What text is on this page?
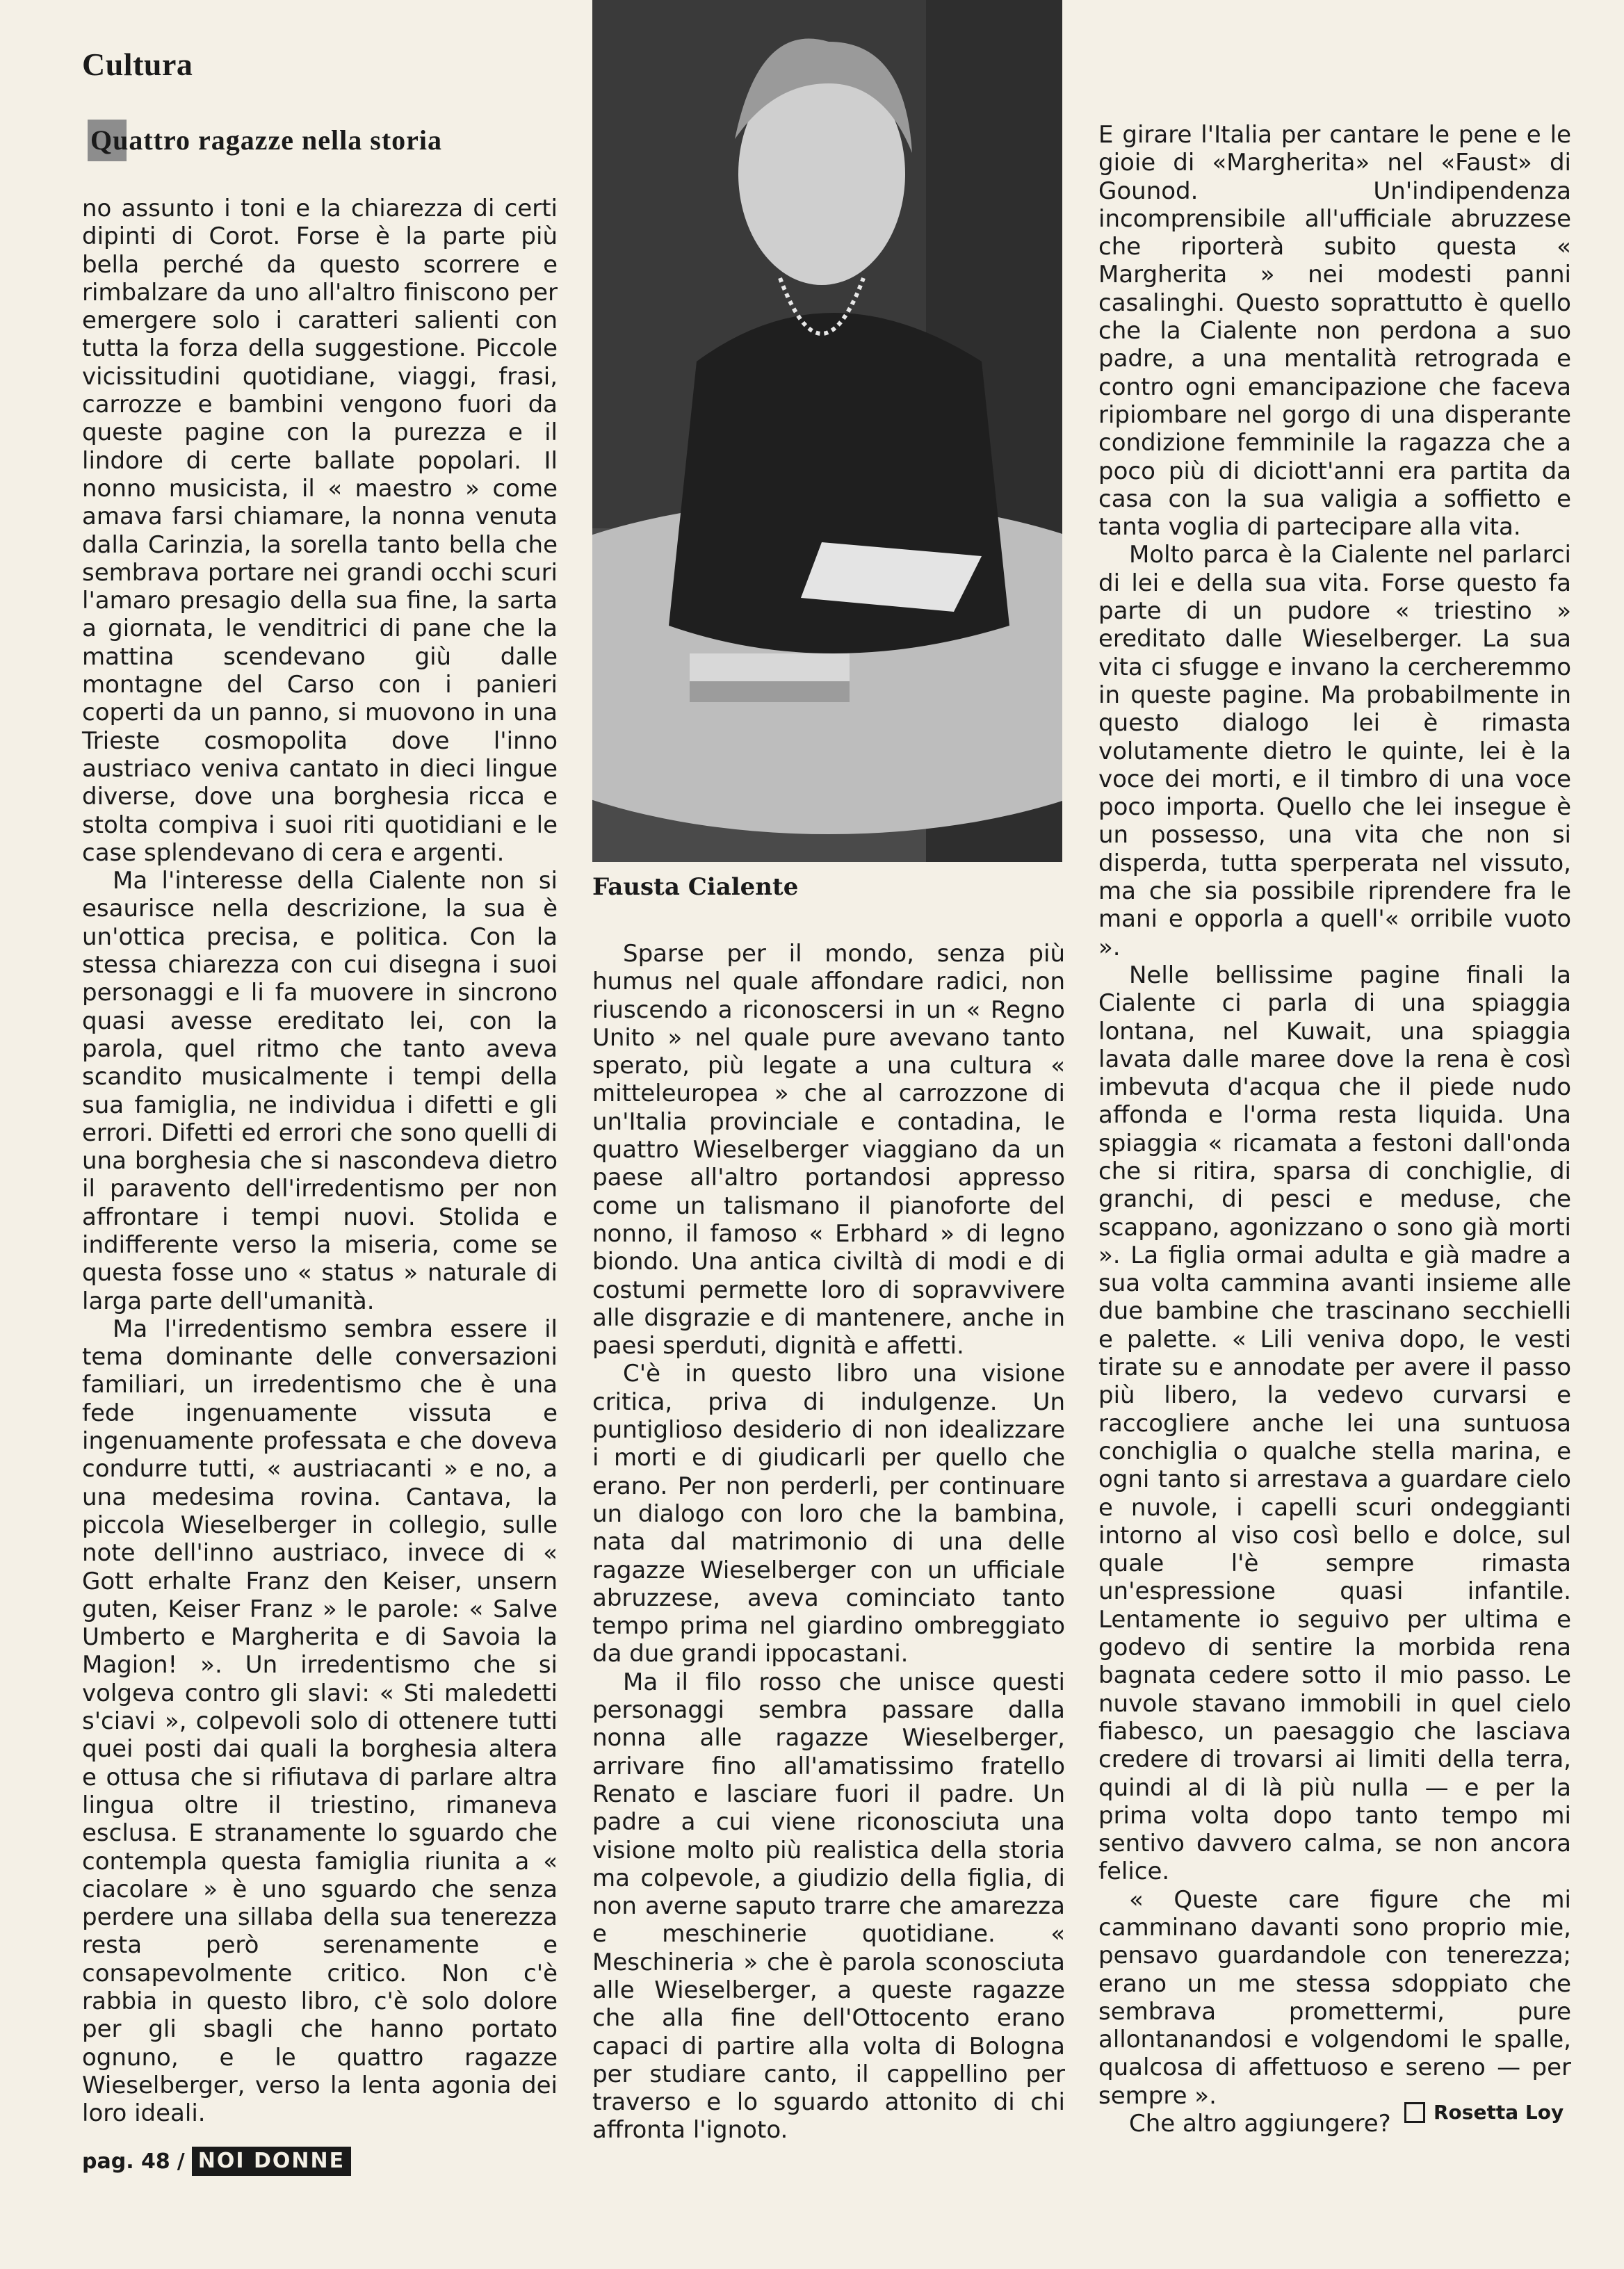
Cultura
Quattro ragazze nella storia
Fausta Cialente

no assunto i toni e la chiarezza di certi dipinti di Corot. Forse è la parte più bella perché da questo scorrere e rimbalzare da uno all'altro finiscono per emergere solo i caratteri salienti con tutta la forza della suggestione. Piccole vicissitudini quotidiane, viaggi, frasi, carrozze e bambini vengono fuori da queste pagine con la purezza e il lindore di certe ballate popolari. Il nonno musicista, il « maestro » come amava farsi chiamare, la nonna venuta dalla Carinzia, la sorella tanto bella che sembrava portare nei grandi occhi scuri l'amaro presagio della sua fine, la sarta a giornata, le venditrici di pane che la mattina scendevano giù dalle montagne del Carso con i panieri coperti da un panno, si muovono in una Trieste cosmopolita dove l'inno austriaco veniva cantato in dieci lingue diverse, dove una borghesia ricca e stolta compiva i suoi riti quotidiani e le case splendevano di cera e argenti.

Ma l'interesse della Cialente non si esaurisce nella descrizione, la sua è un'ottica precisa, e politica. Con la stessa chiarezza con cui disegna i suoi personaggi e li fa muovere in sincrono quasi avesse ereditato lei, con la parola, quel ritmo che tanto aveva scandito musicalmente i tempi della sua famiglia, ne individua i difetti e gli errori. Difetti ed errori che sono quelli di una borghesia che si nascondeva dietro il paravento dell'irredentismo per non affrontare i tempi nuovi. Stolida e indifferente verso la miseria, come se questa fosse uno « status » naturale di larga parte dell'umanità.

Ma l'irredentismo sembra essere il tema dominante delle conversazioni familiari, un irredentismo che è una fede ingenuamente vissuta e ingenuamente professata e che doveva condurre tutti, « austriacanti » e no, a una medesima rovina. Cantava, la piccola Wieselberger in collegio, sulle note dell'inno austriaco, invece di « Gott erhalte Franz den Keiser, unsern guten, Keiser Franz » le parole: « Salve Umberto e Margherita e di Savoia la Magion! ». Un irredentismo che si volgeva contro gli slavi: « Sti maledetti s'ciavi », colpevoli solo di ottenere tutti quei posti dai quali la borghesia altera e ottusa che si rifiutava di parlare altra lingua oltre il triestino, rimaneva esclusa. E stranamente lo sguardo che contempla questa famiglia riunita a « ciacolare » è uno sguardo che senza perdere una sillaba della sua tenerezza resta però serenamente e consapevolmente critico. Non c'è rabbia in questo libro, c'è solo dolore per gli sbagli che hanno portato ognuno, e le quattro ragazze Wieselberger, verso la lenta agonia dei loro ideali.

Sparse per il mondo, senza più humus nel quale affondare radici, non riuscendo a riconoscersi in un « Regno Unito » nel quale pure avevano tanto sperato, più legate a una cultura « mitteleuropea » che al carrozzone di un'Italia provinciale e contadina, le quattro Wieselberger viaggiano da un paese all'altro portandosi appresso come un talismano il pianoforte del nonno, il famoso « Erbhard » di legno biondo. Una antica civiltà di modi e di costumi permette loro di sopravvivere alle disgrazie e di mantenere, anche in paesi sperduti, dignità e affetti.

C'è in questo libro una visione critica, priva di indulgenze. Un puntiglioso desiderio di non idealizzare i morti e di giudicarli per quello che erano. Per non perderli, per continuare un dialogo con loro che la bambina, nata dal matrimonio di una delle ragazze Wieselberger con un ufficiale abruzzese, aveva cominciato tanto tempo prima nel giardino ombreggiato da due grandi ippocastani.

Ma il filo rosso che unisce questi personaggi sembra passare dalla nonna alle ragazze Wieselberger, arrivare fino all'amatissimo fratello Renato e lasciare fuori il padre. Un padre a cui viene riconosciuta una visione molto più realistica della storia ma colpevole, a giudizio della figlia, di non averne saputo trarre che amarezza e meschinerie quotidiane. « Meschineria » che è parola sconosciuta alle Wieselberger, a queste ragazze che alla fine dell'Ottocento erano capaci di partire alla volta di Bologna per studiare canto, il cappellino per traverso e lo sguardo attonito di chi affronta l'ignoto.

E girare l'Italia per cantare le pene e le gioie di «Margherita» nel «Faust» di Gounod. Un'indipendenza incomprensibile all'ufficiale abruzzese che riporterà subito questa « Margherita » nei modesti panni casalinghi. Questo soprattutto è quello che la Cialente non perdona a suo padre, a una mentalità retrograda e contro ogni emancipazione che faceva ripiombare nel gorgo di una disperante condizione femminile la ragazza che a poco più di diciott'anni era partita da casa con la sua valigia a soffietto e tanta voglia di partecipare alla vita.

Molto parca è la Cialente nel parlarci di lei e della sua vita. Forse questo fa parte di un pudore « triestino » ereditato dalle Wieselberger. La sua vita ci sfugge e invano la cercheremmo in queste pagine. Ma probabilmente in questo dialogo lei è rimasta volutamente dietro le quinte, lei è la voce dei morti, e il timbro di una voce poco importa. Quello che lei insegue è un possesso, una vita che non si disperda, tutta sperperata nel vissuto, ma che sia possibile riprendere fra le mani e opporla a quell'« orribile vuoto ».

Nelle bellissime pagine finali la Cialente ci parla di una spiaggia lontana, nel Kuwait, una spiaggia lavata dalle maree dove la rena è così imbevuta d'acqua che il piede nudo affonda e l'orma resta liquida. Una spiaggia « ricamata a festoni dall'onda che si ritira, sparsa di conchiglie, di granchi, di pesci e meduse, che scappano, agonizzano o sono già morti ». La figlia ormai adulta e già madre a sua volta cammina avanti insieme alle due bambine che trascinano secchielli e palette. « Lili veniva dopo, le vesti tirate su e annodate per avere il passo più libero, la vedevo curvarsi e raccogliere anche lei una suntuosa conchiglia o qualche stella marina, e ogni tanto si arrestava a guardare cielo e nuvole, i capelli scuri ondeggianti intorno al viso così bello e dolce, sul quale l'è sempre rimasta un'espressione quasi infantile. Lentamente io seguivo per ultima e godevo di sentire la morbida rena bagnata cedere sotto il mio passo. Le nuvole stavano immobili in quel cielo fiabesco, un paesaggio che lasciava credere di trovarsi ai limiti della terra, quindi al di là più nulla — e per la prima volta dopo tanto tempo mi sentivo davvero calma, se non ancora felice.

« Queste care figure che mi camminano davanti sono proprio mie, pensavo guardandole con tenerezza; erano un me stessa sdoppiato che sembrava promettermi, pure allontanandosi e volgendomi le spalle, qualcosa di affettuoso e sereno — per sempre ».

Che altro aggiungere?	Rosetta Loy
pag. 48 / NOI DONNE
